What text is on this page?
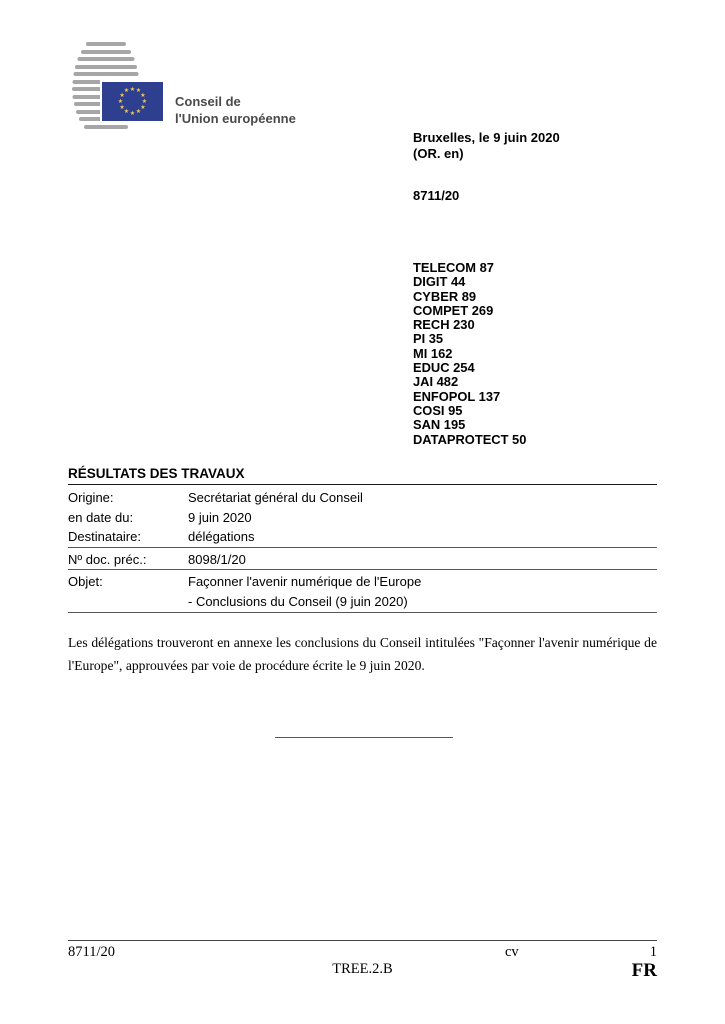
★ ★
★
★
★
★
★
★
★
★
★
★
Conseil de
l'Union européenne
Bruxelles, le 9 juin 2020
(OR. en)
8711/20
TELECOM 87
DIGIT 44
CYBER 89
COMPET 269
RECH 230
PI 35
MI 162
EDUC 254
JAI 482
ENFOPOL 137
COSI 95
SAN 195
DATAPROTECT 50
RÉSULTATS DES TRAVAUX
Origine:	Secrétariat général du Conseil
en date du:	9 juin 2020
Destinataire:	délégations
Nº doc. préc.:	8098/1/20
Objet:	Façonner l'avenir numérique de l'Europe
- Conclusions du Conseil (9 juin 2020)
Les délégations trouveront en annexe les conclusions du Conseil intitulées "Façonner l'avenir numérique de l'Europe", approuvées par voie de procédure écrite le 9 juin 2020.
8711/20	cv	1
TREE.2.B	FR
